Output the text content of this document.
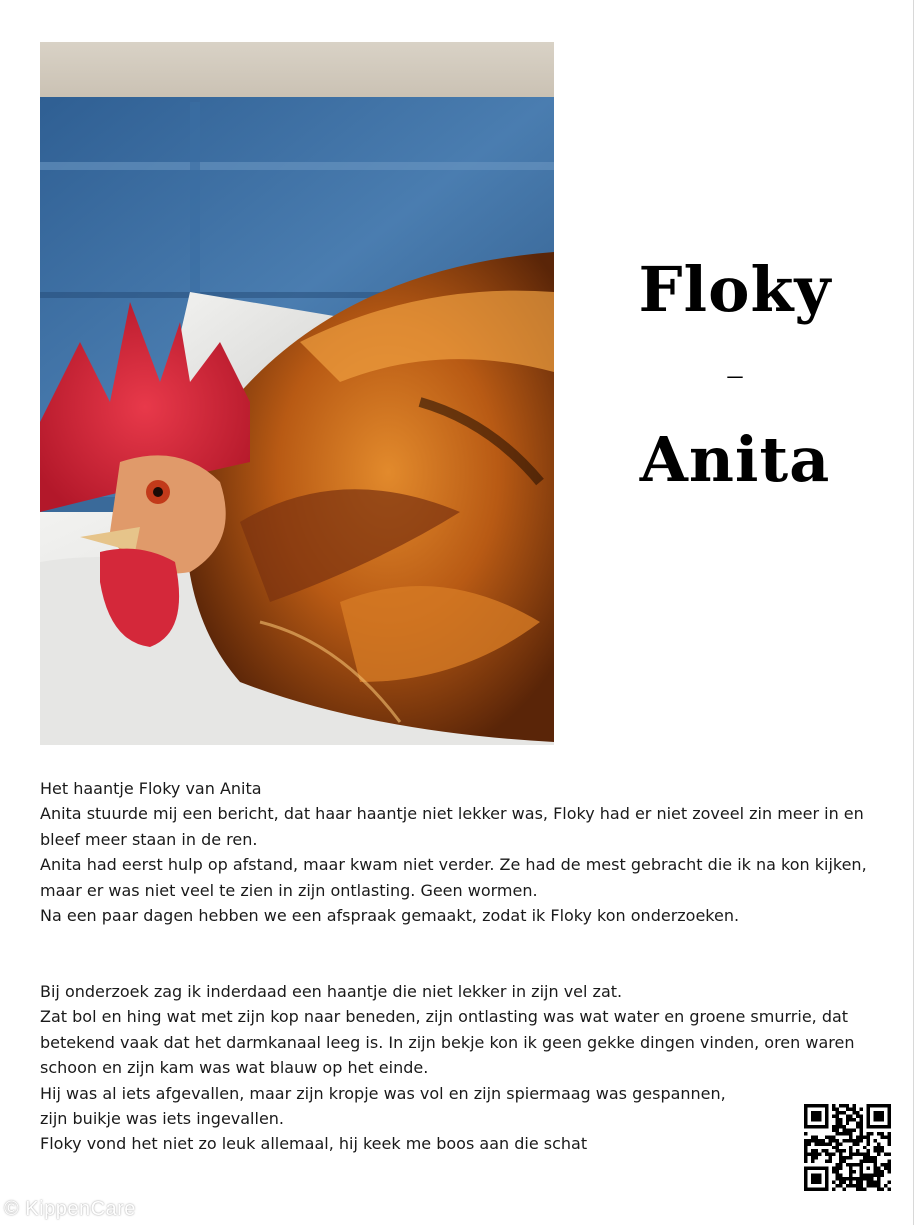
Floky
–
Anita

Het haantje Floky van Anita

Anita stuurde mij een bericht, dat haar haantje niet lekker was, Floky had er niet zoveel zin meer in en bleef meer staan in de ren.

Anita had eerst hulp op afstand, maar kwam niet verder. Ze had de mest gebracht die ik na kon kijken, maar er was niet veel te zien in zijn ontlasting. Geen wormen.

Na een paar dagen hebben we een afspraak gemaakt, zodat ik Floky kon onderzoeken.

Bij onderzoek zag ik inderdaad een haantje die niet lekker in zijn vel zat.

Zat bol en hing wat met zijn kop naar beneden, zijn ontlasting was wat water en groene smurrie, dat betekend vaak dat het darmkanaal leeg is. In zijn bekje kon ik geen gekke dingen vinden, oren waren schoon en zijn kam was wat blauw op het einde.

Hij was al iets afgevallen, maar zijn kropje was vol en zijn spiermaag was gespannen,

zijn buikje was iets ingevallen.

Floky vond het niet zo leuk allemaal, hij keek me boos aan die schat

© KippenCare
